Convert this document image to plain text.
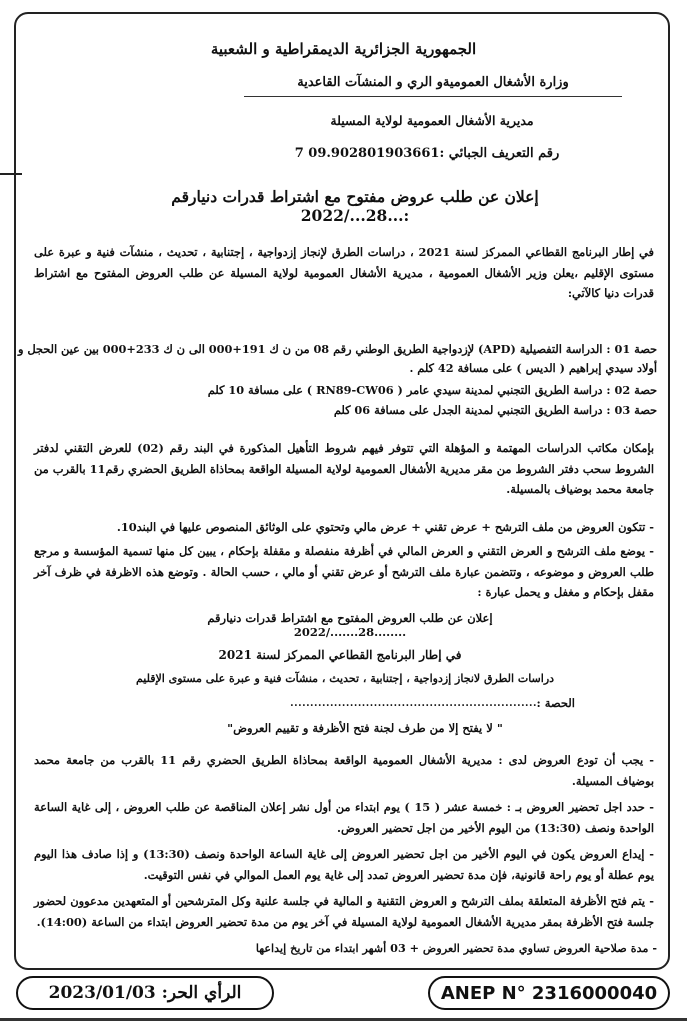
الجمهورية الجزائرية الديمقراطية و الشعبية
وزارة الأشغال العموميةو الري و المنشآت القاعدية
مديرية الأشغال العمومية لولاية المسيلة
رقم التعريف الجبائي :09.902801903661 7
إعلان عن طلب عروض مفتوح مع اشتراط قدرات دنيارقم :...28.../2022
في إطار البرنامج القطاعي الممركز لسنة 2021 ، دراسات الطرق لإنجاز إزدواجية ، إجتنابية ، تحديث ، منشآت فنية و عبرة على مستوى الإقليم ،يعلن وزير الأشغال العمومية ، مديرية الأشغال العمومية لولاية المسيلة عن طلب العروض المفتوح مع اشتراط قدرات دنيا كالآتي:
حصة 01 : الدراسة التفصيلية (APD) لإزدواجية الطريق الوطني رقم 08 من ن ك 191+000 الى ن ك 233+000 بين عين الحجل و
أولاد سيدي إبراهيم ( الديس ) على مسافة 42 كلم .
حصة 02 : دراسة الطريق التجنبي لمدينة سيدي عامر ( RN89-CW06 ) على مسافة 10 كلم
حصة 03 : دراسة الطريق التجنبي لمدينة الجدل على مسافة 06 كلم
بإمكان مكاتب الدراسات المهتمة و المؤهلة التي تتوفر فيهم شروط التأهيل المذكورة في البند رقم (02) للعرض التقني لدفتر الشروط سحب دفتر الشروط من مقر مديرية الأشغال العمومية لولاية المسيلة الواقعة بمحاذاة الطريق الحضري رقم11 بالقرب من جامعة محمد بوضياف بالمسيلة.
- تتكون العروض من ملف الترشح + عرض تقني + عرض مالي وتحتوي على الوثائق المنصوص عليها في البند10.
- يوضع ملف الترشح و العرض التقني و العرض المالي في أظرفة منفصلة و مقفلة بإحكام ، يبين كل منها تسمية المؤسسة و مرجع طلب العروض و موضوعه ، وتتضمن عبارة ملف الترشح أو عرض تقني أو مالي ، حسب الحالة . وتوضع هذه الاظرفة في ظرف آخر مقفل بإحكام و مغفل و يحمل عبارة :
إعلان عن طلب العروض المفتوح مع اشتراط قدرات دنيارقم ........28......./2022
في إطار البرنامج القطاعي الممركز لسنة 2021
دراسات الطرق لانجاز إزدواجية ، إجتنابية ، تحديث ، منشآت فنية و عبرة على مستوى الإقليم
الحصة :
..............................................................
" لا يفتح إلا من طرف لجنة فتح الأظرفة و تقييم العروض"
- يجب أن تودع العروض لدى : مديرية الأشغال العمومية الواقعة بمحاذاة الطريق الحضري رقم 11 بالقرب من جامعة محمد بوضياف المسيلة.
- حدد اجل تحضير العروض بـ : خمسة عشر ( 15 ) يوم ابتداء من أول نشر إعلان المناقصة عن طلب العروض ، إلى غاية الساعة الواحدة ونصف (13:30) من اليوم الأخير من اجل تحضير العروض.
- إيداع العروض يكون في اليوم الأخير من اجل تحضير العروض إلى غاية الساعة الواحدة ونصف (13:30) و إذا صادف هذا اليوم يوم عطلة أو يوم راحة قانونية، فإن مدة تحضير العروض تمدد إلى غاية يوم العمل الموالي في نفس التوقيت.
- يتم فتح الأظرفة المتعلقة بملف الترشح و العروض التقنية و المالية في جلسة علنية وكل المترشحين أو المتعهدين مدعوون لحضور جلسة فتح الأظرفة بمقر مديرية الأشغال العمومية لولاية المسيلة في آخر يوم من مدة تحضير العروض ابتداء من الساعة (14:00).
- مدة صلاحية العروض تساوي مدة تحضير العروض + 03 أشهر ابتداء من تاريخ إيداعها
الرأي الحر: 2023/01/03	ANEP N° 2316000040
